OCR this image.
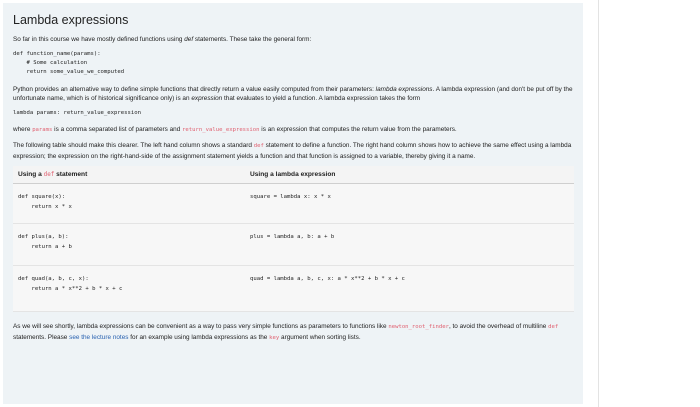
Lambda expressions

So far in this course we have mostly defined functions using def statements. These take the general form:

def function_name(params):
# Some calculation
return some_value_we_computed

Python provides an alternative way to define simple functions that directly return a value easily computed from their parameters: lambda expressions. A lambda expression (and don't be put off by the unfortunate name, which is of historical significance only) is an expression that evaluates to yield a function. A lambda expression takes the form

lambda params: return_value_expression

where params is a comma separated list of parameters and return_value_expression is an expression that computes the return value from the parameters.

The following table should make this clearer. The left hand column shows a standard def statement to define a function. The right hand column shows how to achieve the same effect using a lambda expression; the expression on the right-hand-side of the assignment statement yields a function and that function is assigned to a variable, thereby giving it a name.

Using a def statement	Using a lambda expression

def square(x):
return x * x	square = lambda x: x * x

def plus(a, b):
return a + b	plus = lambda a, b: a + b

def quad(a, b, c, x):
return a * x**2 + b * x + c	quad = lambda a, b, c, x: a * x**2 + b * x + c

As we will see shortly, lambda expressions can be convenient as a way to pass very simple functions as parameters to functions like newton_root_finder, to avoid the overhead of multiline def statements. Please see the lecture notes for an example using lambda expressions as the key argument when sorting lists.
